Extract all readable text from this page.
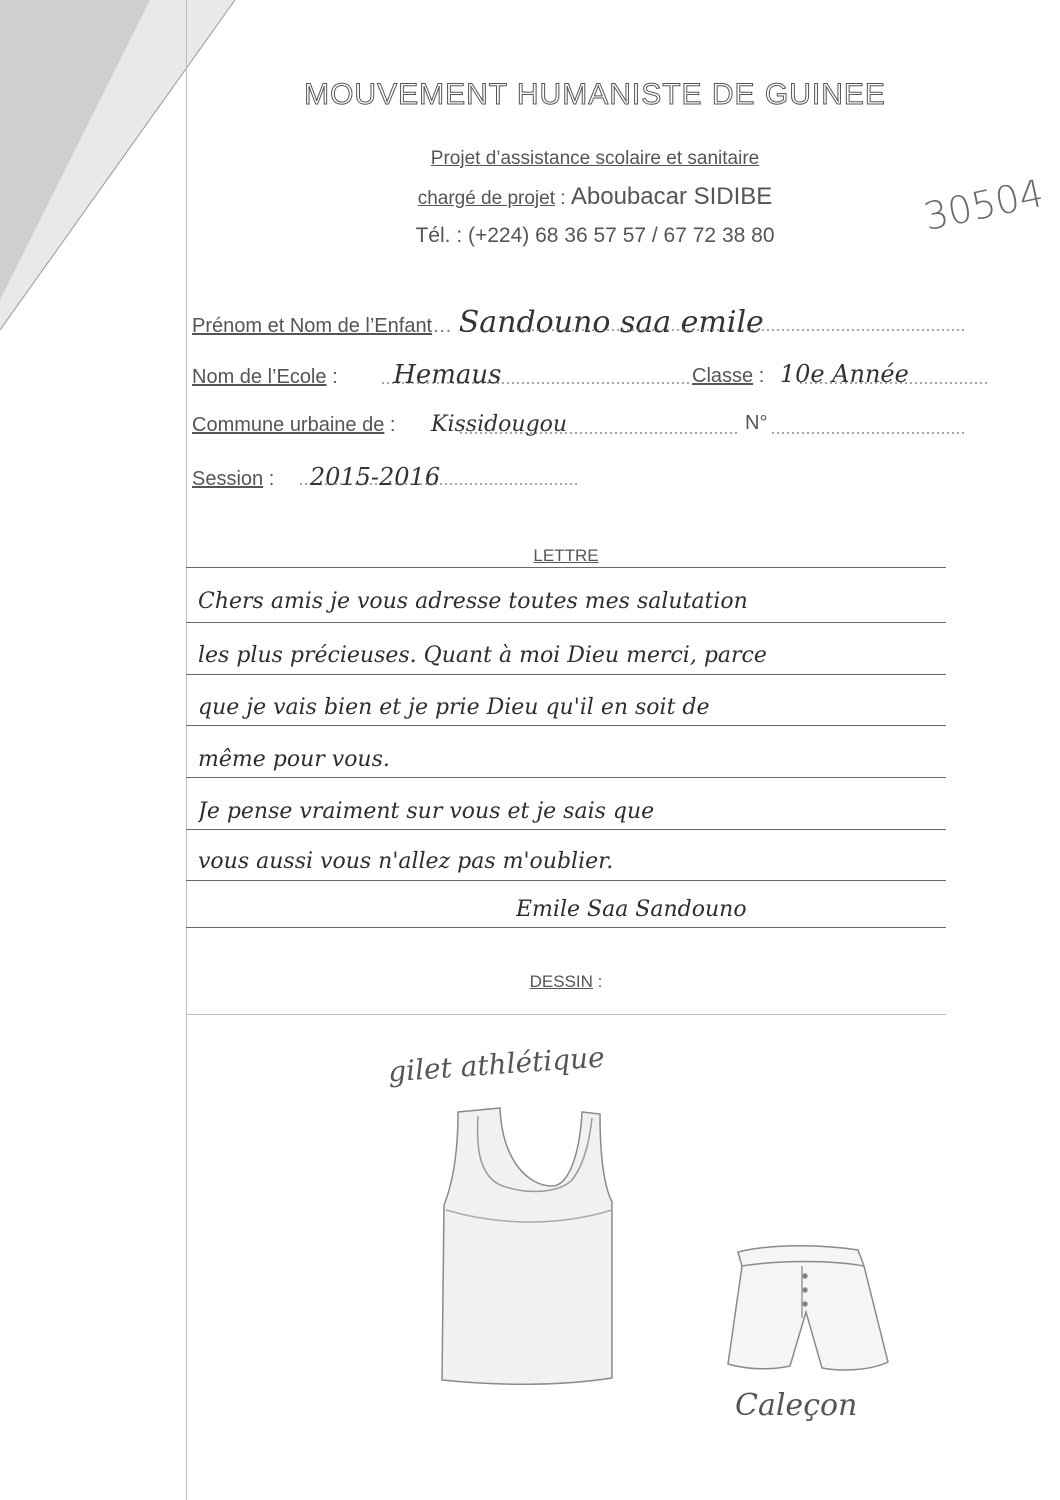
MOUVEMENT HUMANISTE DE GUINEE
Projet d’assistance scolaire et sanitaire
chargé de projet : Aboubacar SIDIBE
Tél. : (+224) 68 36 57 57 / 67 72 38 80	30504
Prénom et Nom de l’Enfant… Sandouno saa emile
Nom de l’Ecole : Hemaus	Classe : 10e Année
Commune urbaine de : Kissidougou	N°
Session : 2015-2016
LETTRE
Chers amis je vous adresse toutes mes salutation
les plus précieuses. Quant à moi Dieu merci, parce
que je vais bien et je prie Dieu qu'il en soit de
même pour vous.
Je pense vraiment sur vous et je sais que
vous aussi vous n'allez pas m'oublier.
Emile Saa Sandouno
DESSIN :
gilet athlétique
Caleçon
